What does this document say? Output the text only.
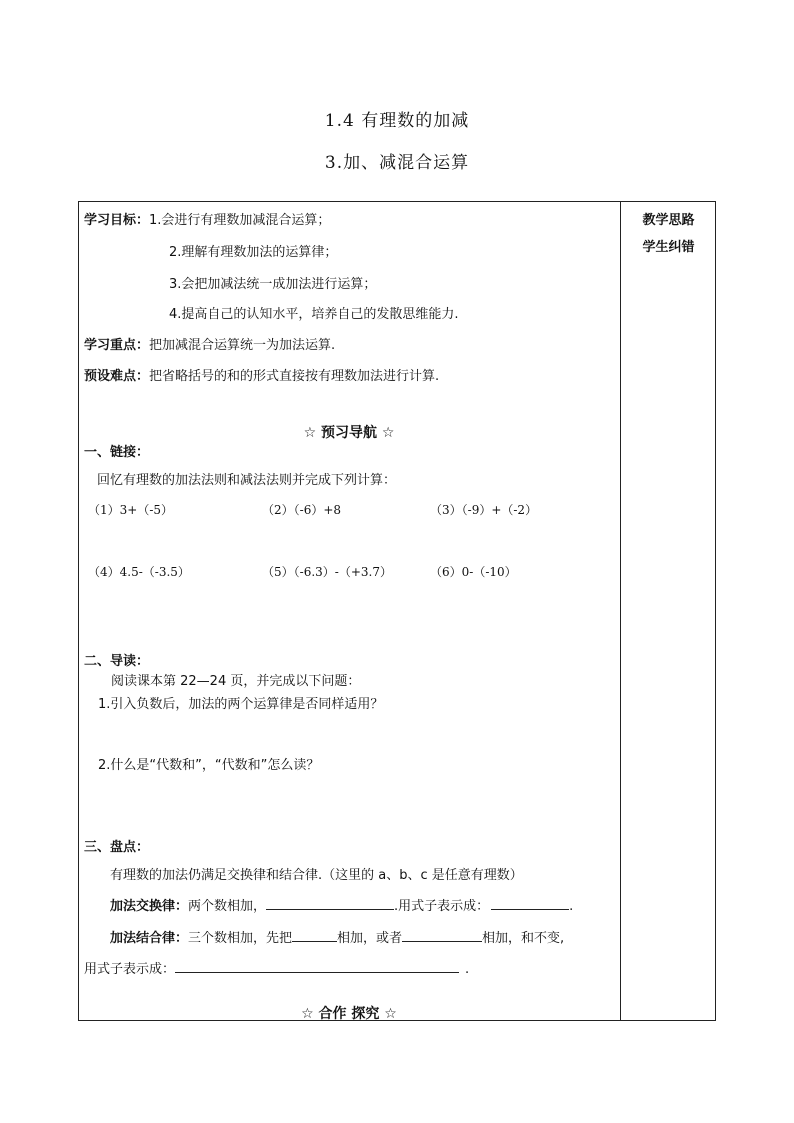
1.4 有理数的加减
3.加、减混合运算
教学思路
学生纠错
学习目标：1.会进行有理数加减混合运算；
2.理解有理数加法的运算律；
3.会把加减法统一成加法进行运算；
4.提高自己的认知水平，培养自己的发散思维能力.
学习重点：把加减混合运算统一为加法运算.
预设难点：把省略括号的和的形式直接按有理数加法进行计算.
☆ 预习导航 ☆
一、链接：
回忆有理数的加法法则和减法法则并完成下列计算：
（1）3+（-5）	（2）（-6）+8	（3）（-9）+（-2）
（4）4.5-（-3.5）	（5）（-6.3）-（+3.7）	（6）0-（-10）
二、导读：
阅读课本第 22—24 页，并完成以下问题：
1.引入负数后，加法的两个运算律是否同样适用？
2.什么是“代数和”，“代数和”怎么读？
三、盘点：
有理数的加法仍满足交换律和结合律.（这里的 a、b、c 是任意有理数）
加法交换律：两个数相加，	.用式子表示成：	.
加法结合律：三个数相加，先把	相加，或者	相加，和不变,
用式子表示成：	.
☆ 合作 探究 ☆
